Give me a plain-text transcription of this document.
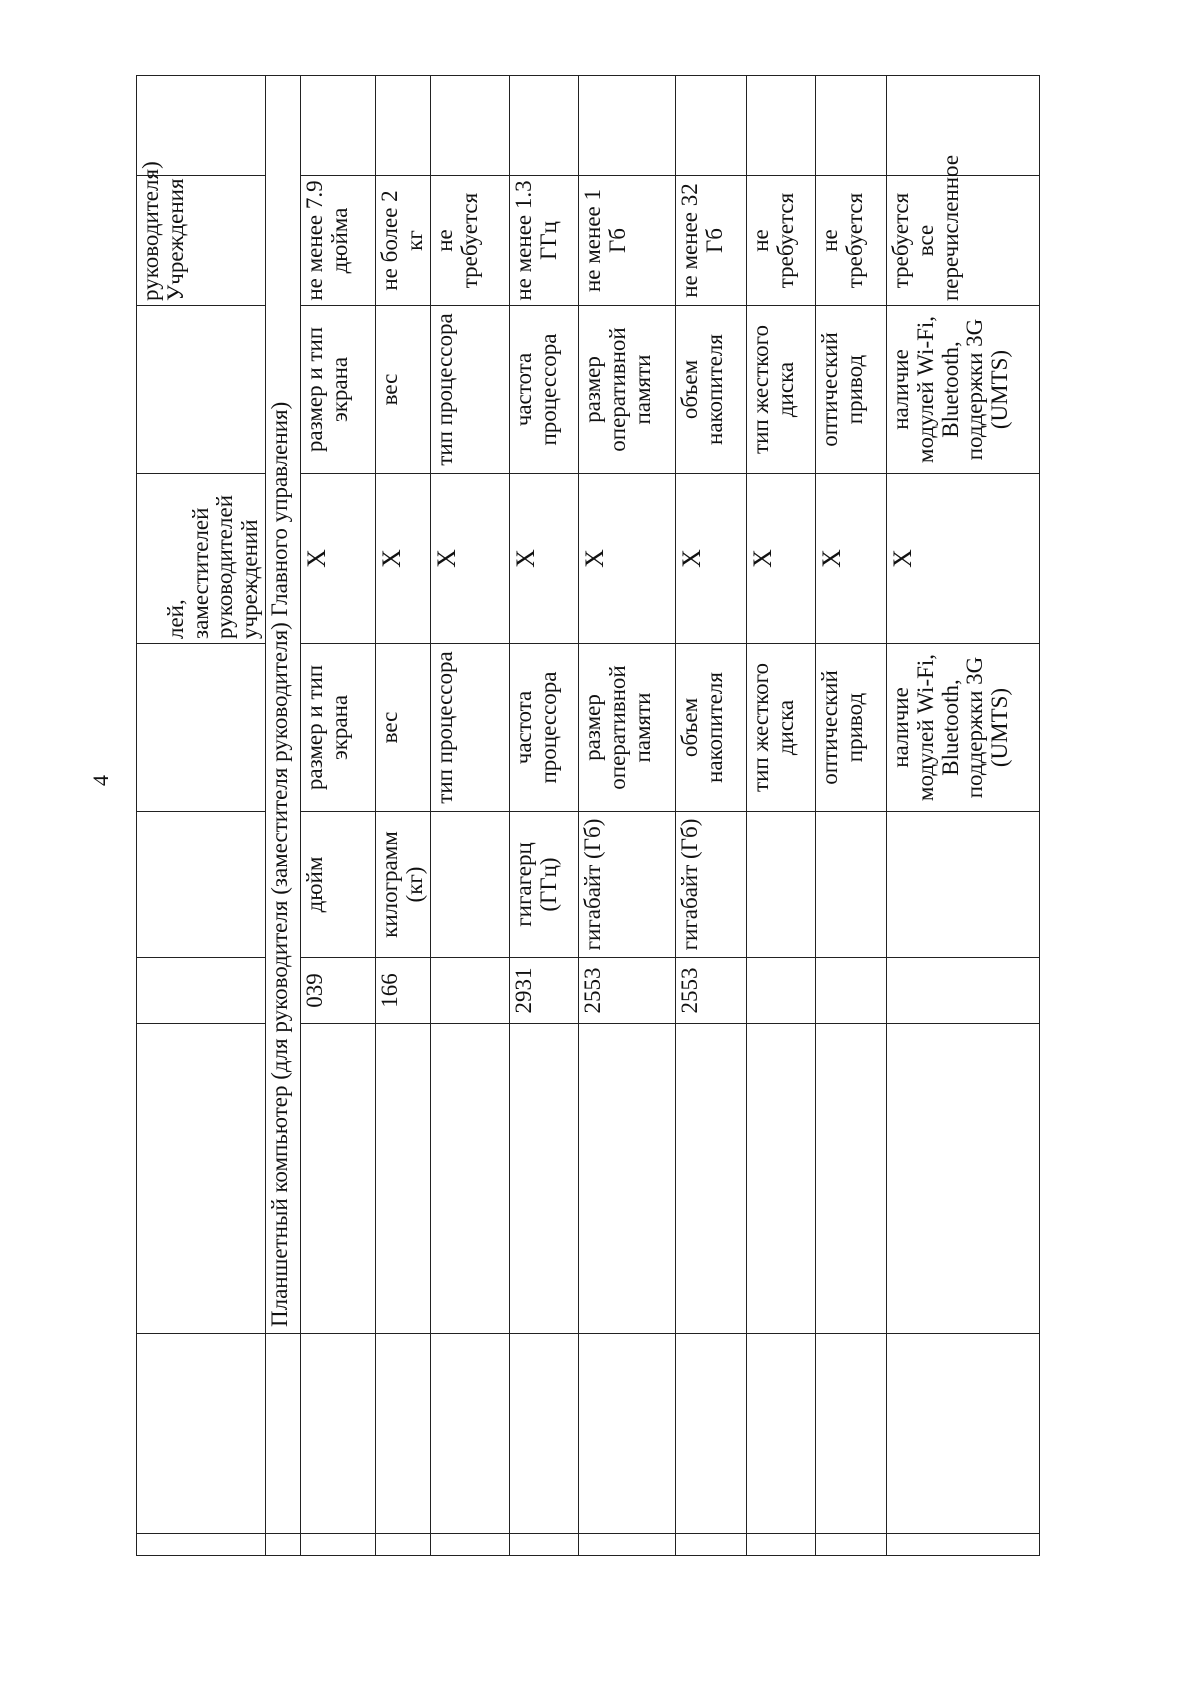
4
						лей, заместителей руководителей учреждений		руководителя) Учреждения	
		Планшетный компьютер (для руководителя (заместителя руководителя) Главного управления)							
			039	дюйм	размер и тип экрана	X	размер и тип экрана	не менее 7.9 дюйма	
			166	килограмм (кг)	вес	X	вес	не более 2 кг	
					тип процессора	X	тип процессора	не требуется	
			2931	гигагерц (ГГц)	частота процессора	X	частота процессора	не менее 1.3 ГГц	
			2553	гигабайт (Гб)	размер оперативной памяти	X	размер оперативной памяти	не менее 1 Гб	
			2553	гигабайт (Гб)	объем накопителя	X	объем накопителя	не менее 32 Гб	
					тип жесткого диска	X	тип жесткого диска	не требуется	
					оптический привод	X	оптический привод	не требуется	
					наличие модулей Wi-Fi, Bluetooth, поддержки 3G (UMTS)	X	наличие модулей Wi-Fi, Bluetooth, поддержки 3G (UMTS)	требуется все перечисленное	
